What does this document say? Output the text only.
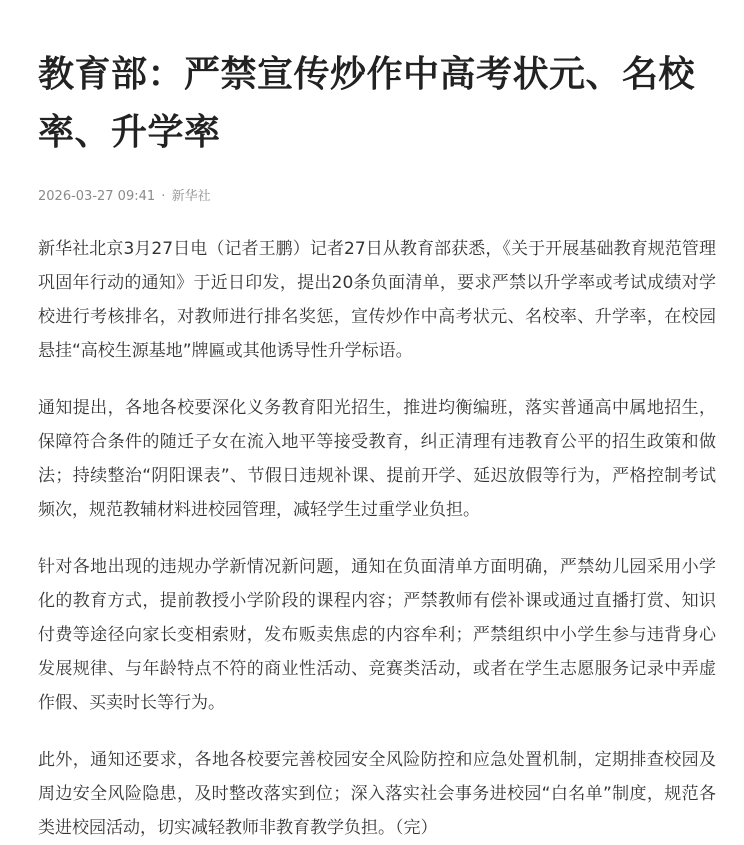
教育部：严禁宣传炒作中高考状元、名校率、升学率
2026-03-27 09:41 · 新华社

新华社北京3月27日电（记者王鹏）记者27日从教育部获悉，《关于开展基础教育规范管理巩固年行动的通知》于近日印发，提出20条负面清单，要求严禁以升学率或考试成绩对学校进行考核排名，对教师进行排名奖惩，宣传炒作中高考状元、名校率、升学率，在校园悬挂“高校生源基地”牌匾或其他诱导性升学标语。

通知提出，各地各校要深化义务教育阳光招生，推进均衡编班，落实普通高中属地招生，保障符合条件的随迁子女在流入地平等接受教育，纠正清理有违教育公平的招生政策和做法；持续整治“阴阳课表”、节假日违规补课、提前开学、延迟放假等行为，严格控制考试频次，规范教辅材料进校园管理，减轻学生过重学业负担。

针对各地出现的违规办学新情况新问题，通知在负面清单方面明确，严禁幼儿园采用小学化的教育方式，提前教授小学阶段的课程内容；严禁教师有偿补课或通过直播打赏、知识付费等途径向家长变相索财，发布贩卖焦虑的内容牟利；严禁组织中小学生参与违背身心发展规律、与年龄特点不符的商业性活动、竞赛类活动，或者在学生志愿服务记录中弄虚作假、买卖时长等行为。

此外，通知还要求，各地各校要完善校园安全风险防控和应急处置机制，定期排查校园及周边安全风险隐患，及时整改落实到位；深入落实社会事务进校园“白名单”制度，规范各类进校园活动，切实减轻教师非教育教学负担。（完）
